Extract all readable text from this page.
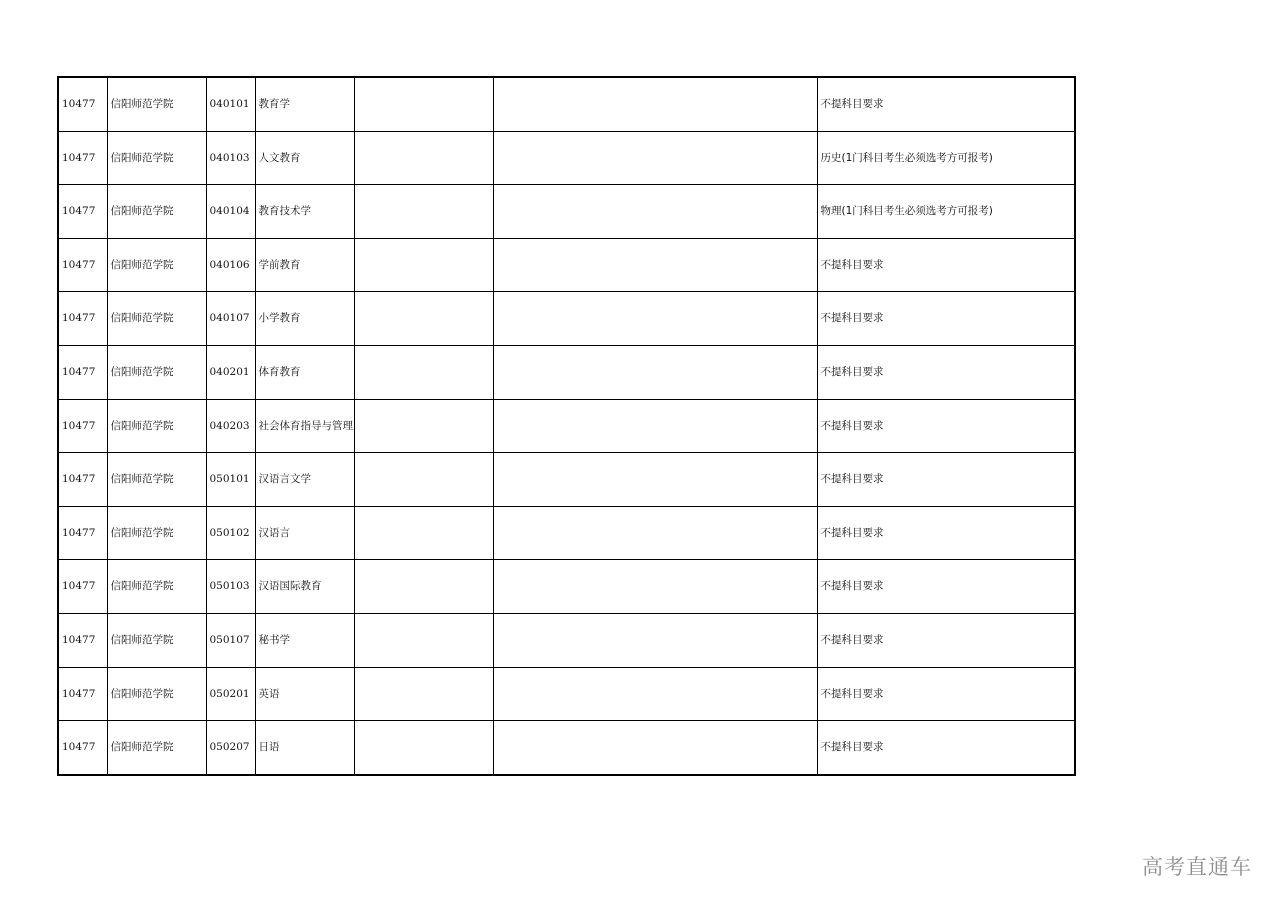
10477	信阳师范学院	040101	教育学			不提科目要求
10477	信阳师范学院	040103	人文教育			历史(1门科目考生必须选考方可报考)
10477	信阳师范学院	040104	教育技术学			物理(1门科目考生必须选考方可报考)
10477	信阳师范学院	040106	学前教育			不提科目要求
10477	信阳师范学院	040107	小学教育			不提科目要求
10477	信阳师范学院	040201	体育教育			不提科目要求
10477	信阳师范学院	040203	社会体育指导与管理			不提科目要求
10477	信阳师范学院	050101	汉语言文学			不提科目要求
10477	信阳师范学院	050102	汉语言			不提科目要求
10477	信阳师范学院	050103	汉语国际教育			不提科目要求
10477	信阳师范学院	050107	秘书学			不提科目要求
10477	信阳师范学院	050201	英语			不提科目要求
10477	信阳师范学院	050207	日语			不提科目要求
高考直通车
